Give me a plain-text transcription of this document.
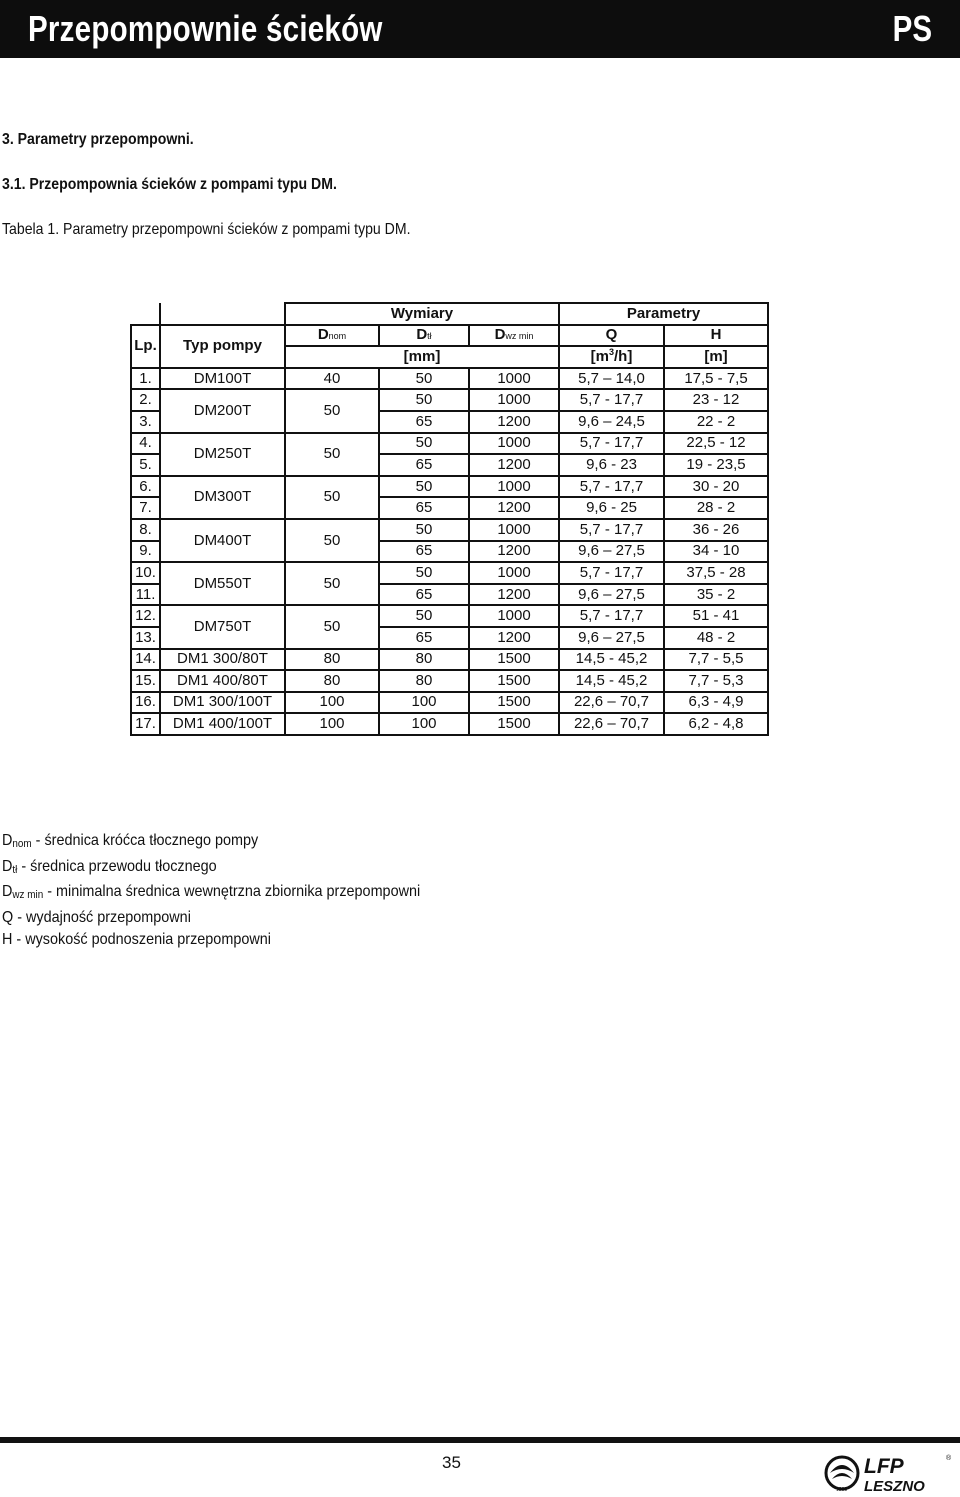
Przepompownie ścieków	PS
3. Parametry przepompowni.
3.1. Przepompownia ścieków z pompami typu DM.
Tabela 1. Parametry przepompowni ścieków z pompami typu DM.
		Wymiary			Parametry	
Lp.	Typ pompy	Dnom	Dtł	Dwz min	Q	H
		[mm]			$[m^3/h]$	[m]
1.	DM100T	40	50	1000	5,7 – 14,0	17,5 - 7,5
2.	DM200T	50	50	1000	5,7 - 17,7	23 - 12
3.			65	1200	9,6 – 24,5	22 - 2
4.	DM250T	50	50	1000	5,7 - 17,7	22,5 - 12
5.			65	1200	9,6 - 23	19 - 23,5
6.	DM300T	50	50	1000	5,7 - 17,7	30 - 20
7.			65	1200	9,6 - 25	28 - 2
8.	DM400T	50	50	1000	5,7 - 17,7	36 - 26
9.			65	1200	9,6 – 27,5	34 - 10
10.	DM550T	50	50	1000	5,7 - 17,7	37,5 - 28
11.			65	1200	9,6 – 27,5	35 - 2
12.	DM750T	50	50	1000	5,7 - 17,7	51 - 41
13.			65	1200	9,6 – 27,5	48 - 2
14.	DM1 300/80T	80	80	1500	14,5 - 45,2	7,7 - 5,5
15.	DM1 400/80T	80	80	1500	14,5 - 45,2	7,7 - 5,3
16.	DM1 300/100T	100	100	1500	22,6 – 70,7	6,3 - 4,9
17.	DM1 400/100T	100	100	1500	22,6 – 70,7	6,2 - 4,8
Dnom - średnica króćca tłocznego pompy
Dtł - średnica przewodu tłocznego
Dwz min - minimalna średnica wewnętrzna zbiornika przepompowni
Q - wydajność przepompowni
H - wysokość podnoszenia przepompowni
35
1868
LFP
LESZNO
®
